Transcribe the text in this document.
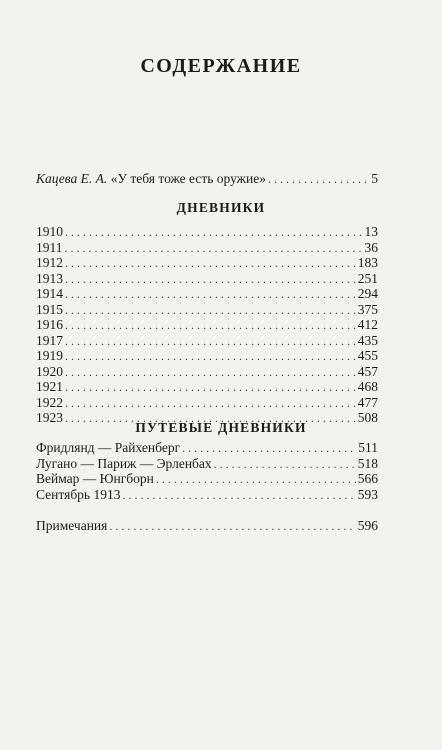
СОДЕРЖАНИЕ
Кацева Е. А. «У тебя тоже есть оружие» . . .	5
ДНЕВНИКИ
1910 . . .	13
1911 . . .	36
1912 . . .	183
1913 . . .	251
1914 . . .	294
1915 . . .	375
1916 . . .	412
1917 . . .	435
1919 . . .	455
1920 . . .	457
1921 . . .	468
1922 . . .	477
1923 . . .	508
ПУТЕВЫЕ ДНЕВНИКИ
Фридлянд — Райхенберг . . .	511
Лугано — Париж — Эрленбах . . .	518
Веймар — Юнгборн . . .	566
Сентябрь 1913 . . .	593
Примечания . . .	596
